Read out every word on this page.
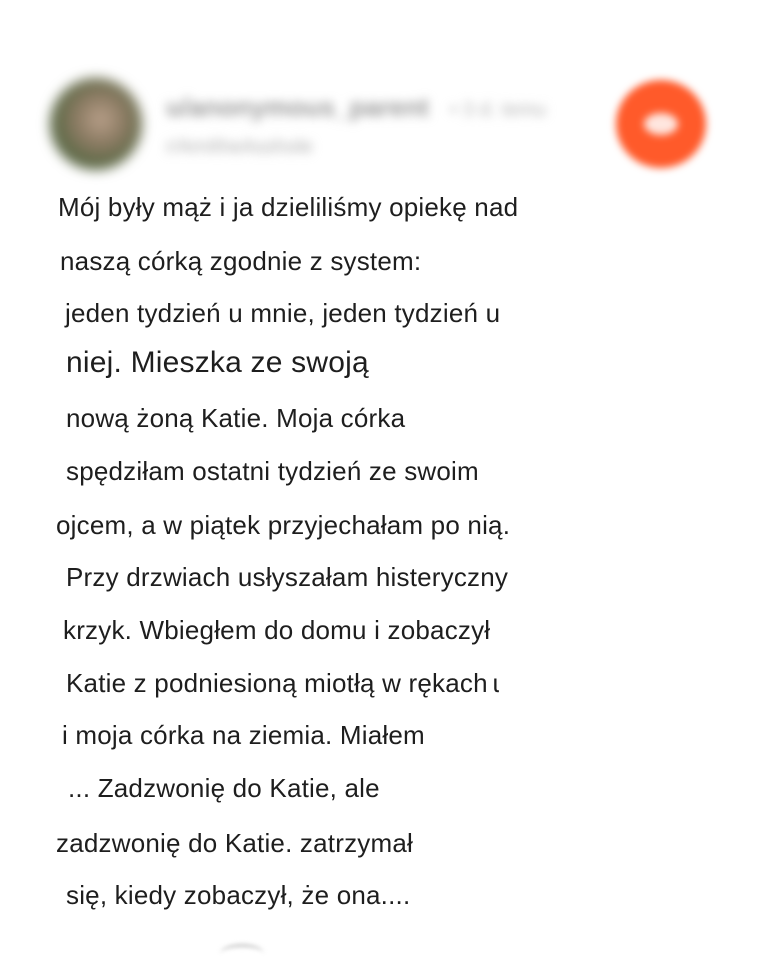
u/anonymous_parent • 3 d. temu
r/AmItheAsshole
Mój były mąż i ja dzieliliśmy opiekę nad
naszą córką zgodnie z system:
jeden tydzień u mnie, jeden tydzień u
niej. Mieszka ze swoją
nową żoną Katie. Moja córka
spędziłam ostatni tydzień ze swoim
ojcem, a w piątek przyjechałam po nią.
Przy drzwiach usłyszałam histeryczny
krzyk. Wbiegłem do domu i zobaczył
Katie z podniesioną miotłą w rękach ɩ
i moja córka na ziemia. Miałem
... Zadzwonię do Katie, ale
zadzwonię do Katie. zatrzymał
się, kiedy zobaczył, że ona....
